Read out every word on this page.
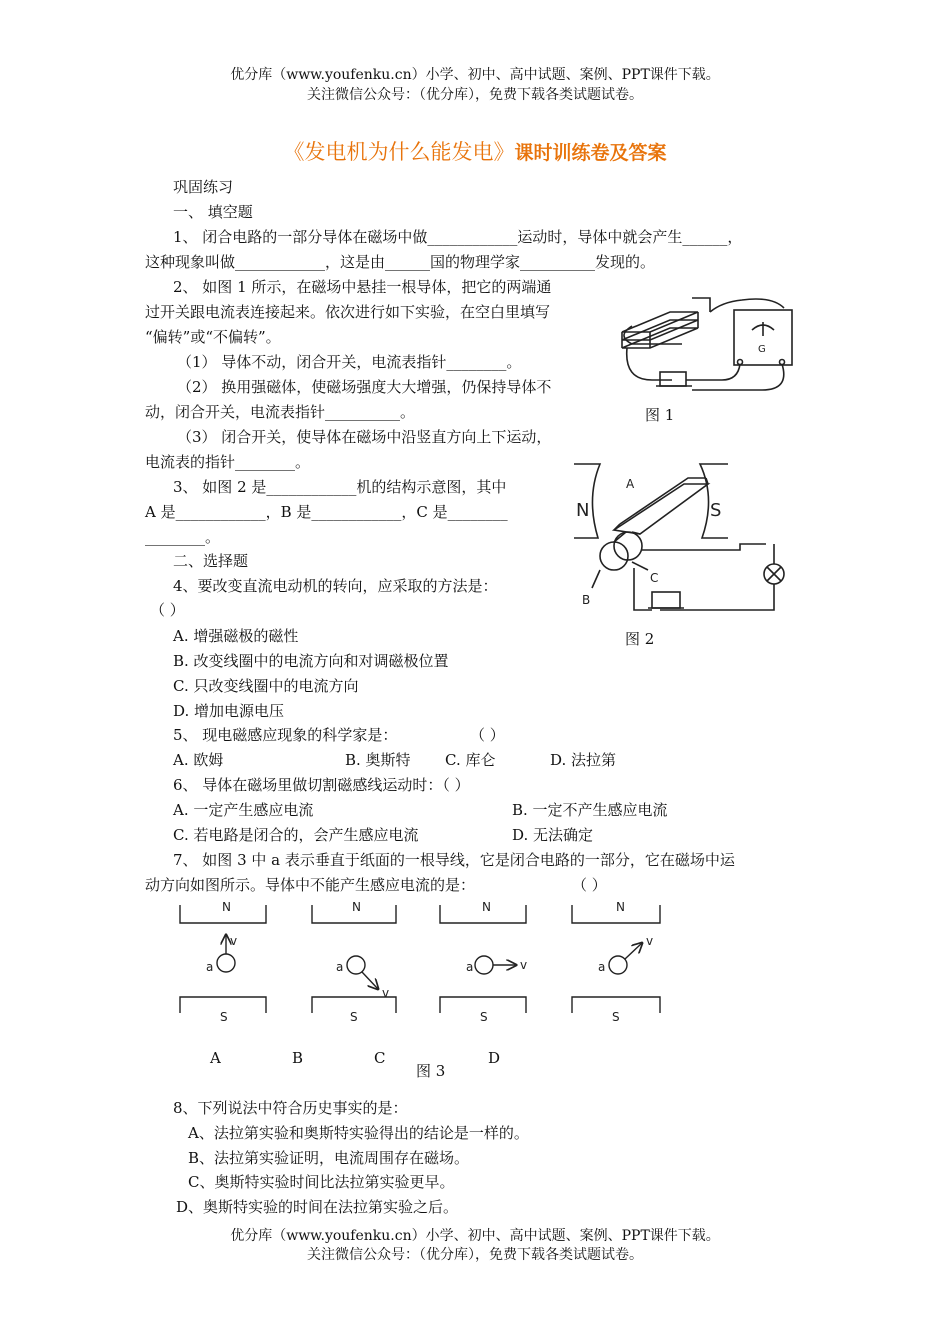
优分库（www.youfenku.cn）小学、初中、高中试题、案例、PPT课件下载。
关注微信公众号：（优分库），免费下载各类试题试卷。
《发电机为什么能发电》课时训练卷及答案
巩固练习
一、 填空题
1、 闭合电路的一部分导体在磁场中做____________运动时，导体中就会产生______，
这种现象叫做____________，这是由______国的物理学家__________发现的。
2、 如图 1 所示，在磁场中悬挂一根导体，把它的两端通
过开关跟电流表连接起来。依次进行如下实验，在空白里填写
“偏转”或“不偏转”。
（1） 导体不动，闭合开关，电流表指针________。
（2） 换用强磁体，使磁场强度大大增强，仍保持导体不
动，闭合开关，电流表指针__________。
（3） 闭合开关，使导体在磁场中沿竖直方向上下运动，
电流表的指针________。
3、 如图 2 是____________机的结构示意图，其中
A 是____________，B 是____________，C 是________
________。
二、选择题
4、要改变直流电动机的转向，应采取的方法是：
（ ）
A. 增强磁极的磁性
B. 改变线圈中的电流方向和对调磁极位置
C. 只改变线圈中的电流方向
D. 增加电源电压
5、 现电磁感应现象的科学家是：	（ ）
A. 欧姆	B. 奥斯特 C. 库仑	D. 法拉第
6、 导体在磁场里做切割磁感线运动时：（ ）
A. 一定产生感应电流	B. 一定不产生感应电流
C. 若电路是闭合的，会产生感应电流	D. 无法确定
7、 如图 3 中 a 表示垂直于纸面的一根导线，它是闭合电路的一部分，它在磁场中运
动方向如图所示。导体中不能产生感应电流的是：	（ ）
G
图 1
N	S
A
B
C
图 2
N
S
a
v
N
S
a
v
N
S
a	v
N
S
a
v
A	B	C	D
图 3
8、下列说法中符合历史事实的是：
A、法拉第实验和奥斯特实验得出的结论是一样的。
B、法拉第实验证明，电流周围存在磁场。
C、奥斯特实验时间比法拉第实验更早。
D、奥斯特实验的时间在法拉第实验之后。
优分库（www.youfenku.cn）小学、初中、高中试题、案例、PPT课件下载。
关注微信公众号：（优分库），免费下载各类试题试卷。
